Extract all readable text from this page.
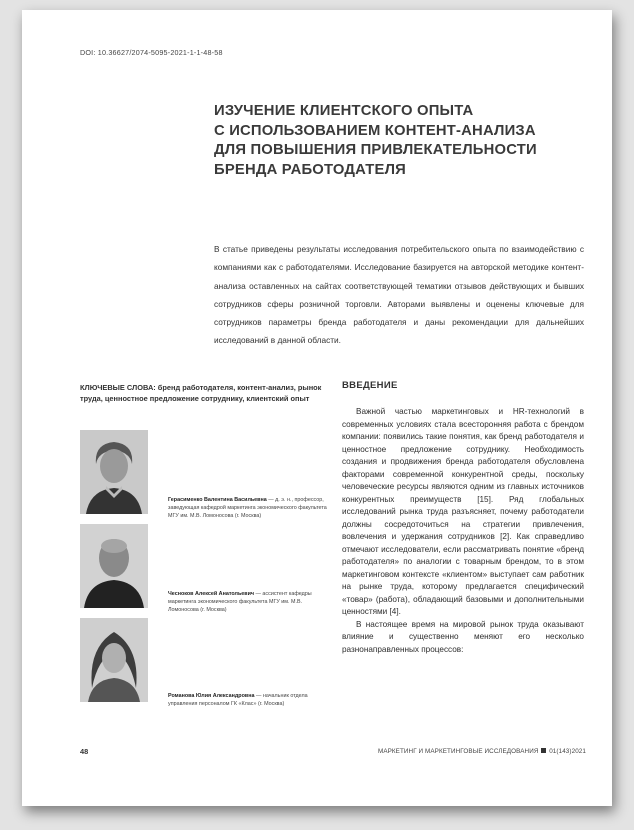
DOI: 10.36627/2074-5095-2021-1-1-48-58
ИЗУЧЕНИЕ КЛИЕНТСКОГО ОПЫТА
С ИСПОЛЬЗОВАНИЕМ КОНТЕНТ-АНАЛИЗА
ДЛЯ ПОВЫШЕНИЯ ПРИВЛЕКАТЕЛЬНОСТИ
БРЕНДА РАБОТОДАТЕЛЯ

В статье приведены результаты исследования потребительского опыта по взаимодействию с компаниями как с работодателями. Исследование базируется на авторской методике контент-анализа оставленных на сайтах соответствующей тематики отзывов действующих и бывших сотрудников сферы розничной торговли. Авторами выявлены и оценены ключевые для сотрудников параметры бренда работодателя и даны рекомендации для дальнейших исследований в данной области.

КЛЮЧЕВЫЕ СЛОВА: бренд работодателя, контент-анализ, рынок труда, ценностное предложение сотруднику, клиентский опыт

Герасименко Валентина Васильевна — д. э. н., профессор, заведующая кафедрой маркетинга экономического факультета МГУ им. М.В. Ломоносова (г. Москва)

Чесноков Алексей Анатольевич — ассистент кафедры маркетинга экономического факультета МГУ им. М.В. Ломоносова (г. Москва)

Романова Юлия Александровна — начальник отдела управления персоналом ГК «Клас» (г. Москва)

ВВЕДЕНИЕ
Важной частью маркетинговых и HR-технологий в современных условиях стала всесторонняя работа с брендом компании: появились такие понятия, как бренд работодателя и ценностное предложение сотруднику. Необходимость создания и продвижения бренда работодателя обусловлена факторами современной конкурентной среды, поскольку человеческие ресурсы являются одним из главных источников конкурентных преимуществ [15]. Ряд глобальных исследований рынка труда разъясняет, почему работодатели должны сосредоточиться на стратегии привлечения, вовлечения и удержания сотрудников [2]. Как справедливо отмечают исследователи, если рассматривать понятие «бренд работодателя» по аналогии с товарным брендом, то в этом маркетинговом контексте «клиентом» выступает сам работник на рынке труда, которому предлагается специфический «товар» (работа), обладающий базовыми и дополнительными ценностями [4].
В настоящее время на мировой рынок труда оказывают влияние и существенно меняют его несколько разнонаправленных процессов:
48	МАРКЕТИНГ И МАРКЕТИНГОВЫЕ ИССЛЕДОВАНИЯ 01(143)2021
